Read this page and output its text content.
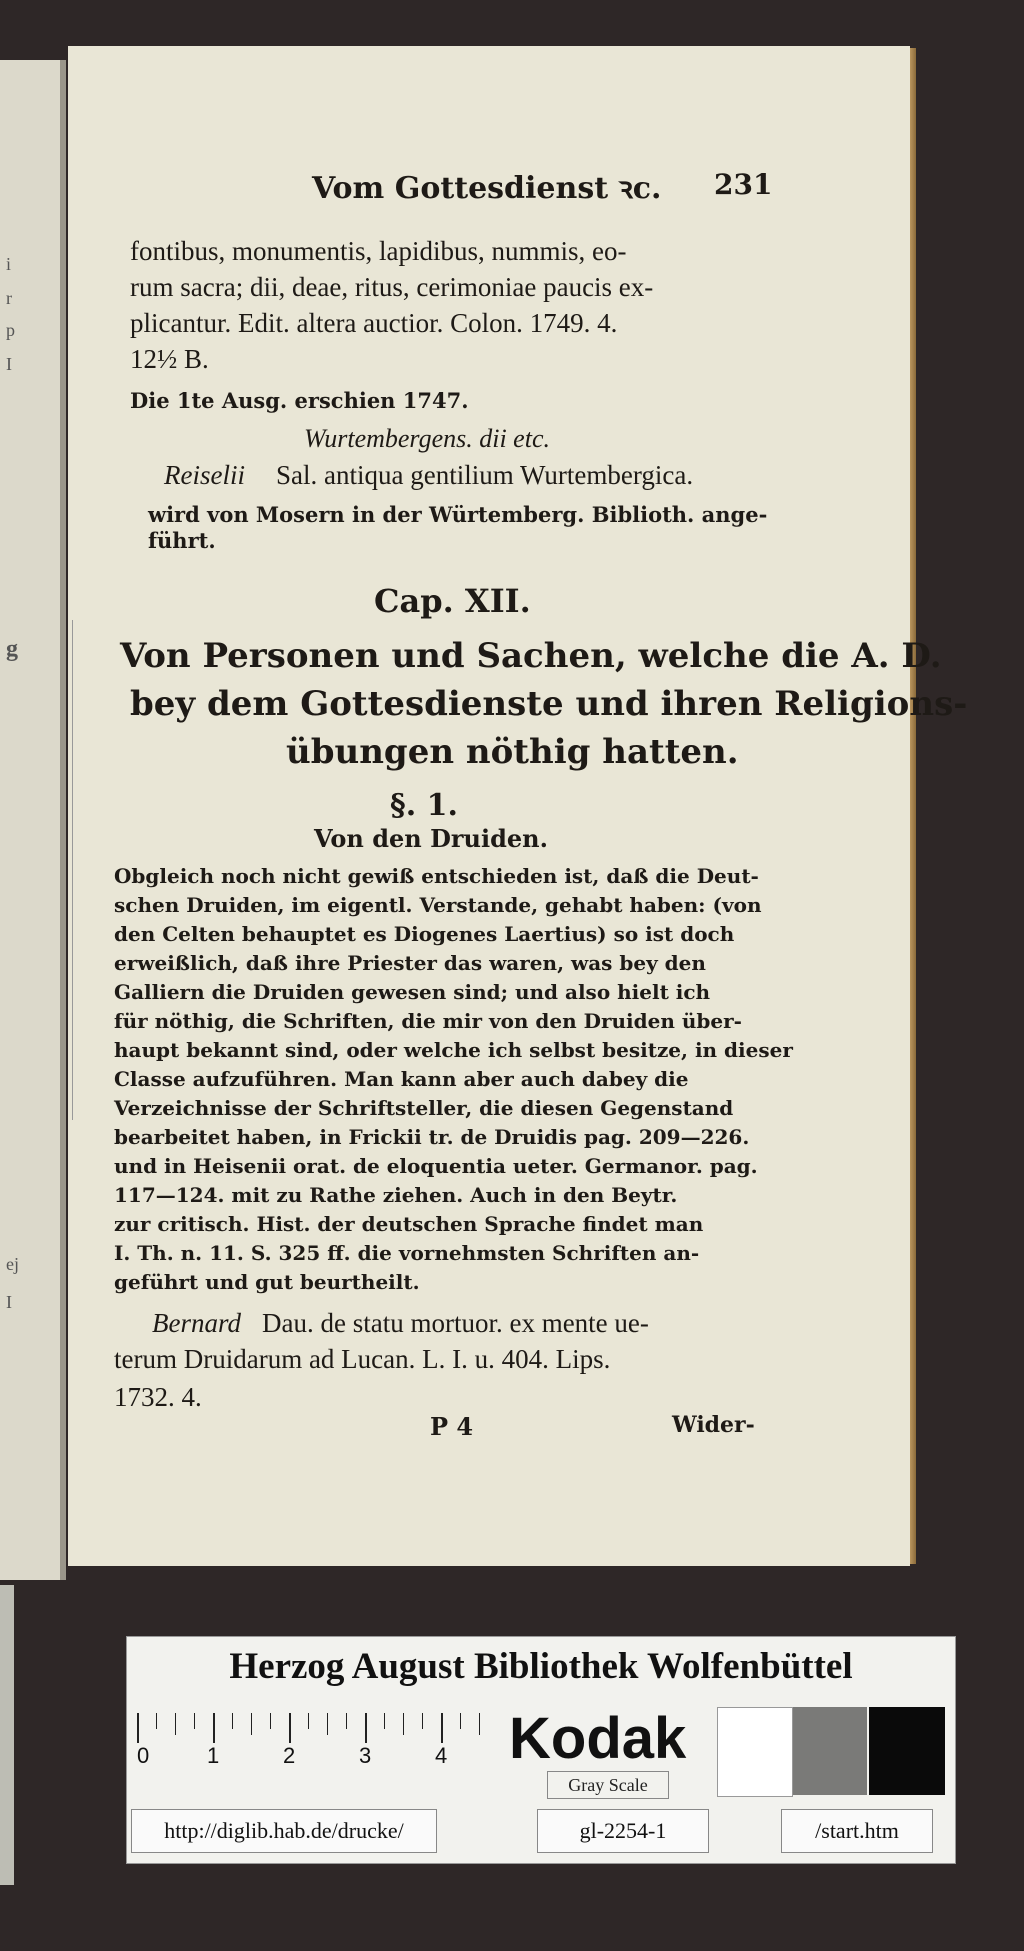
i
r
p
I
g
ej
I
Vom Gottesdienst ꝛc. 231
fontibus, monumentis, lapidibus, nummis, eo-
rum sacra; dii, deae, ritus, cerimoniae paucis ex-
plicantur. Edit. altera auctior. Colon. 1749. 4.
12½ B.
Die 1te Ausg. erschien 1747.
Wurtembergens. dii etc.
Reiselii Sal. antiqua gentilium Wurtembergica.
wird von Mosern in der Würtemberg. Biblioth. ange-
führt.
Cap. XII.
Von Personen und Sachen, welche die A. D.
bey dem Gottesdienste und ihren Religions-
übungen nöthig hatten.
§. 1.
Von den Druiden.
Obgleich noch nicht gewiß entschieden ist, daß die Deut-
schen Druiden, im eigentl. Verstande, gehabt haben: (von
den Celten behauptet es Diogenes Laertius) so ist doch
erweißlich, daß ihre Priester das waren, was bey den
Galliern die Druiden gewesen sind; und also hielt ich
für nöthig, die Schriften, die mir von den Druiden über-
haupt bekannt sind, oder welche ich selbst besitze, in dieser
Classe aufzuführen. Man kann aber auch dabey die
Verzeichnisse der Schriftsteller, die diesen Gegenstand
bearbeitet haben, in Frickii tr. de Druidis pag. 209—226.
und in Heisenii orat. de eloquentia ueter. Germanor. pag.
117—124. mit zu Rathe ziehen. Auch in den Beytr.
zur critisch. Hist. der deutschen Sprache findet man
I. Th. n. 11. S. 325 ff. die vornehmsten Schriften an-
geführt und gut beurtheilt.
Bernard Dau. de statu mortuor. ex mente ue-
terum Druidarum ad Lucan. L. I. u. 404. Lips.
1732. 4.
P 4	Wider-
Herzog August Bibliothek Wolfenbüttel
0	1	2	3	4 Kodak
Gray Scale
http://diglib.hab.de/drucke/	gl-2254-1	/start.htm
